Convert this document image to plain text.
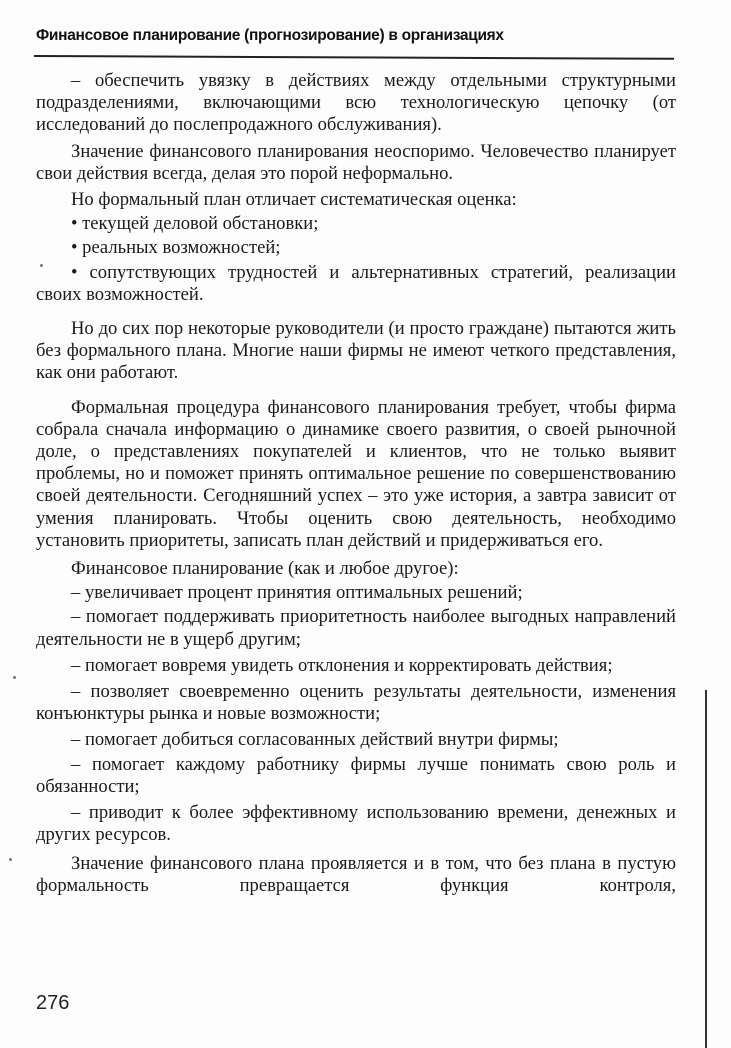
Финансовое планирование (прогнозирование) в организациях

– обеспечить увязку в действиях между отдельными структурными подразделениями, включающими всю технологическую цепочку (от исследований до послепродажного обслуживания).

Значение финансового планирования неоспоримо. Человечество планирует свои действия всегда, делая это порой неформально.

Но формальный план отличает систематическая оценка:

• текущей деловой обстановки;

• реальных возможностей;

• сопутствующих трудностей и альтернативных стратегий, реализации своих возможностей.

Но до сих пор некоторые руководители (и просто граждане) пытаются жить без формального плана. Многие наши фирмы не имеют четкого представления, как они работают.

Формальная процедура финансового планирования требует, чтобы фирма собрала сначала информацию о динамике своего развития, о своей рыночной доле, о представлениях покупателей и клиентов, что не только выявит проблемы, но и поможет принять оптимальное решение по совершенствованию своей деятельности. Сегодняшний успех – это уже история, а завтра зависит от умения планировать. Чтобы оценить свою деятельность, необходимо установить приоритеты, записать план действий и придерживаться его.

Финансовое планирование (как и любое другое):

– увеличивает процент принятия оптимальных решений;

– помогает поддерживать приоритетность наиболее выгодных направлений деятельности не в ущерб другим;

– помогает вовремя увидеть отклонения и корректировать действия;

– позволяет своевременно оценить результаты деятельности, изменения конъюнктуры рынка и новые возможности;

– помогает добиться согласованных действий внутри фирмы;

– помогает каждому работнику фирмы лучше понимать свою роль и обязанности;

– приводит к более эффективному использованию времени, денежных и других ресурсов.

Значение финансового плана проявляется и в том, что без плана в пустую формальность превращается функция контроля,

276
